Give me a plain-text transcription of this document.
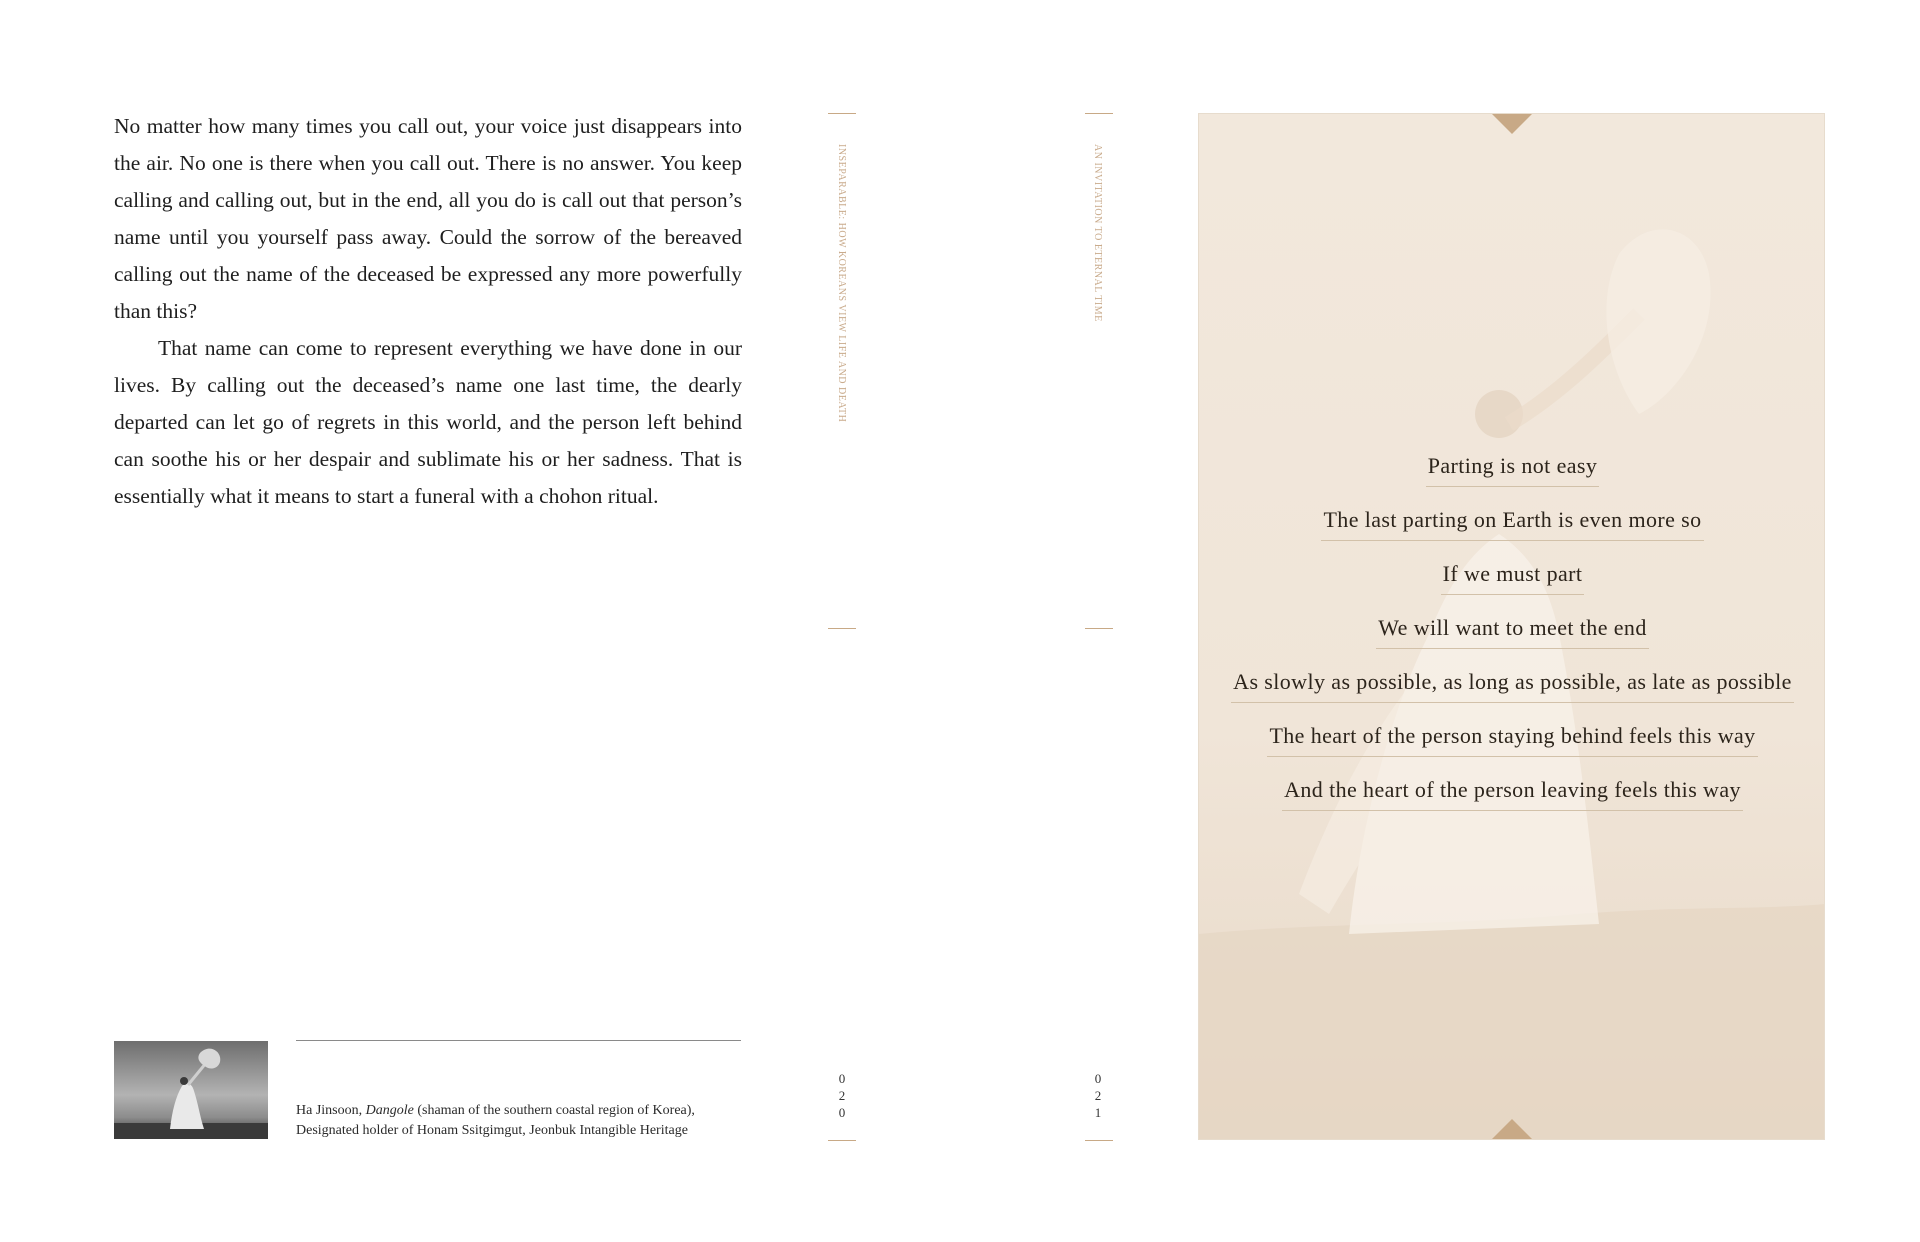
No matter how many times you call out, your voice just disappears into the air. No one is there when you call out. There is no answer. You keep calling and calling out, but in the end, all you do is call out that person’s name until you yourself pass away. Could the sorrow of the bereaved calling out the name of the deceased be expressed any more powerfully than this?

That name can come to represent everything we have done in our lives. By calling out the deceased’s name one last time, the dearly departed can let go of regrets in this world, and the person left behind can soothe his or her despair and sublimate his or her sadness. That is essentially what it means to start a funeral with a chohon ritual.

INSEPARABLE: HOW KOREANS VIEW LIFE AND DEATH
0
2
0
AN INVITATION TO ETERNAL TIME
0
2
1
Ha Jinsoon, Dangole (shaman of the southern coastal region of Korea),
Designated holder of Honam Ssitgimgut, Jeonbuk Intangible Heritage
Parting is not easy
The last parting on Earth is even more so
If we must part
We will want to meet the end
As slowly as possible, as long as possible, as late as possible
The heart of the person staying behind feels this way
And the heart of the person leaving feels this way
